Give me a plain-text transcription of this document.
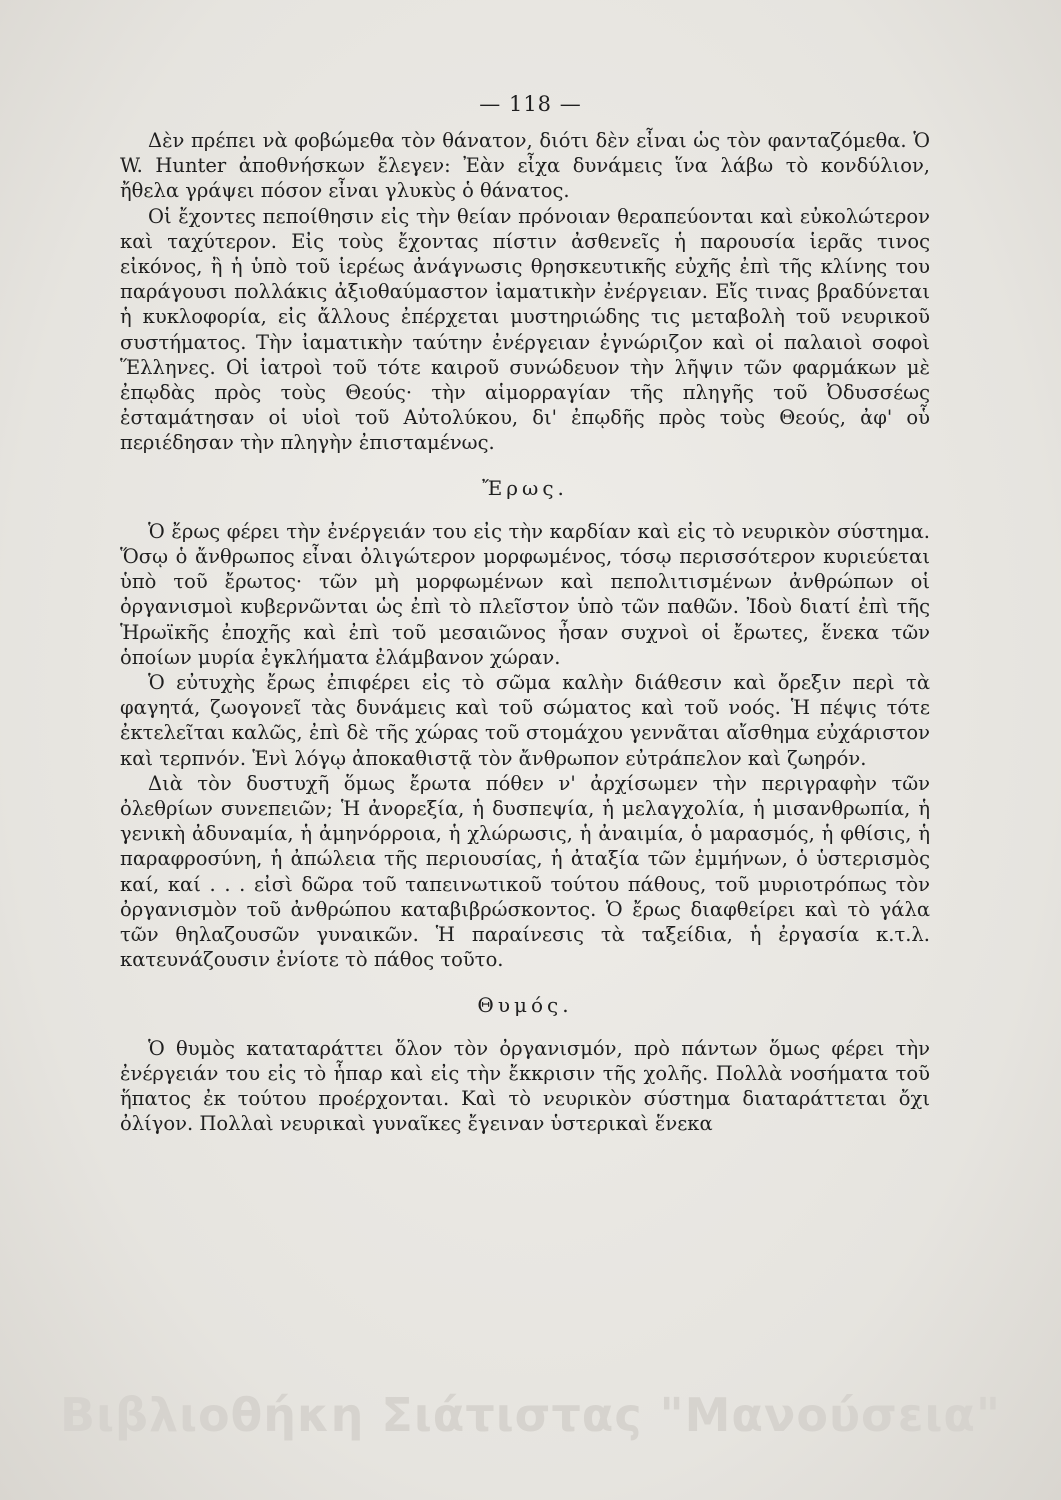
— 118 —

Δὲν πρέπει νὰ φοβώμεθα τὸν θάνατον, διότι δὲν εἶναι ὡς τὸν φανταζόμεθα. Ὁ W. Hunter ἀποθνήσκων ἔλεγεν: Ἐὰν εἶχα δυνάμεις ἵνα λάβω τὸ κονδύλιον, ἤθελα γράψει πόσον εἶναι γλυκὺς ὁ θάνατος.

Οἱ ἔχοντες πεποίθησιν εἰς τὴν θείαν πρόνοιαν θεραπεύονται καὶ εὐκολώτερον καὶ ταχύτερον. Εἰς τοὺς ἔχοντας πίστιν ἀσθενεῖς ἡ παρουσία ἱερᾶς τινος εἰκόνος, ἢ ἡ ὑπὸ τοῦ ἱερέως ἀνάγνωσις θρησκευτικῆς εὐχῆς ἐπὶ τῆς κλίνης του παράγουσι πολλάκις ἀξιοθαύμαστον ἰαματικὴν ἐνέργειαν. Εἴς τινας βραδύνεται ἡ κυκλοφορία, εἰς ἄλλους ἐπέρχεται μυστηριώδης τις μεταβολὴ τοῦ νευρικοῦ συστήματος. Τὴν ἰαματικὴν ταύτην ἐνέργειαν ἐγνώριζον καὶ οἱ παλαιοὶ σοφοὶ Ἕλληνες. Οἱ ἰατροὶ τοῦ τότε καιροῦ συνώδευον τὴν λῆψιν τῶν φαρμάκων μὲ ἐπῳδὰς πρὸς τοὺς Θεούς· τὴν αἱμορραγίαν τῆς πληγῆς τοῦ Ὀδυσσέως ἐσταμάτησαν οἱ υἱοὶ τοῦ Αὐτολύκου, δι' ἐπῳδῆς πρὸς τοὺς Θεούς, ἀφ' οὗ περιέδησαν τὴν πληγὴν ἐπισταμένως.

Ἔρως.

Ὁ ἔρως φέρει τὴν ἐνέργειάν του εἰς τὴν καρδίαν καὶ εἰς τὸ νευρικὸν σύστημα. Ὅσῳ ὁ ἄνθρωπος εἶναι ὀλιγώτερον μορφωμένος, τόσῳ περισσότερον κυριεύεται ὑπὸ τοῦ ἔρωτος· τῶν μὴ μορφωμένων καὶ πεπολιτισμένων ἀνθρώπων οἱ ὀργανισμοὶ κυβερνῶνται ὡς ἐπὶ τὸ πλεῖστον ὑπὸ τῶν παθῶν. Ἰδοὺ διατί ἐπὶ τῆς Ἡρωϊκῆς ἐποχῆς καὶ ἐπὶ τοῦ μεσαιῶνος ἦσαν συχνοὶ οἱ ἔρωτες, ἕνεκα τῶν ὁποίων μυρία ἐγκλήματα ἐλάμβανον χώραν.

Ὁ εὐτυχὴς ἔρως ἐπιφέρει εἰς τὸ σῶμα καλὴν διάθεσιν καὶ ὄρεξιν περὶ τὰ φαγητά, ζωογονεῖ τὰς δυνάμεις καὶ τοῦ σώματος καὶ τοῦ νοός. Ἡ πέψις τότε ἐκτελεῖται καλῶς, ἐπὶ δὲ τῆς χώρας τοῦ στομάχου γεννᾶται αἴσθημα εὐχάριστον καὶ τερπνόν. Ἑνὶ λόγῳ ἀποκαθιστᾷ τὸν ἄνθρωπον εὐτράπελον καὶ ζωηρόν.

Διὰ τὸν δυστυχῆ ὅμως ἔρωτα πόθεν ν' ἀρχίσωμεν τὴν περιγραφὴν τῶν ὀλεθρίων συνεπειῶν; Ἡ ἀνορεξία, ἡ δυσπεψία, ἡ μελαγχολία, ἡ μισανθρωπία, ἡ γενικὴ ἀδυναμία, ἡ ἀμηνόρροια, ἡ χλώρωσις, ἡ ἀναιμία, ὁ μαρασμός, ἡ φθίσις, ἡ παραφροσύνη, ἡ ἀπώλεια τῆς περιουσίας, ἡ ἀταξία τῶν ἐμμήνων, ὁ ὑστερισμὸς καί, καί . . . εἰσὶ δῶρα τοῦ ταπεινωτικοῦ τούτου πάθους, τοῦ μυριοτρόπως τὸν ὀργανισμὸν τοῦ ἀνθρώπου καταβιβρώσκοντος. Ὁ ἔρως διαφθείρει καὶ τὸ γάλα τῶν θηλαζουσῶν γυναικῶν. Ἡ παραίνεσις τὰ ταξείδια, ἡ ἐργασία κ.τ.λ. κατευνάζουσιν ἐνίοτε τὸ πάθος τοῦτο.

Θυμός.

Ὁ θυμὸς καταταράττει ὅλον τὸν ὀργανισμόν, πρὸ πάντων ὅμως φέρει τὴν ἐνέργειάν του εἰς τὸ ἧπαρ καὶ εἰς τὴν ἔκκρισιν τῆς χολῆς. Πολλὰ νοσήματα τοῦ ἥπατος ἐκ τούτου προέρχονται. Καὶ τὸ νευρικὸν σύστημα διαταράττεται ὄχι ὀλίγον. Πολλαὶ νευρικαὶ γυναῖκες ἔγειναν ὑστερικαὶ ἕνεκα

Βιβλιοθήκη Σιάτιστας "Μανούσεια"
